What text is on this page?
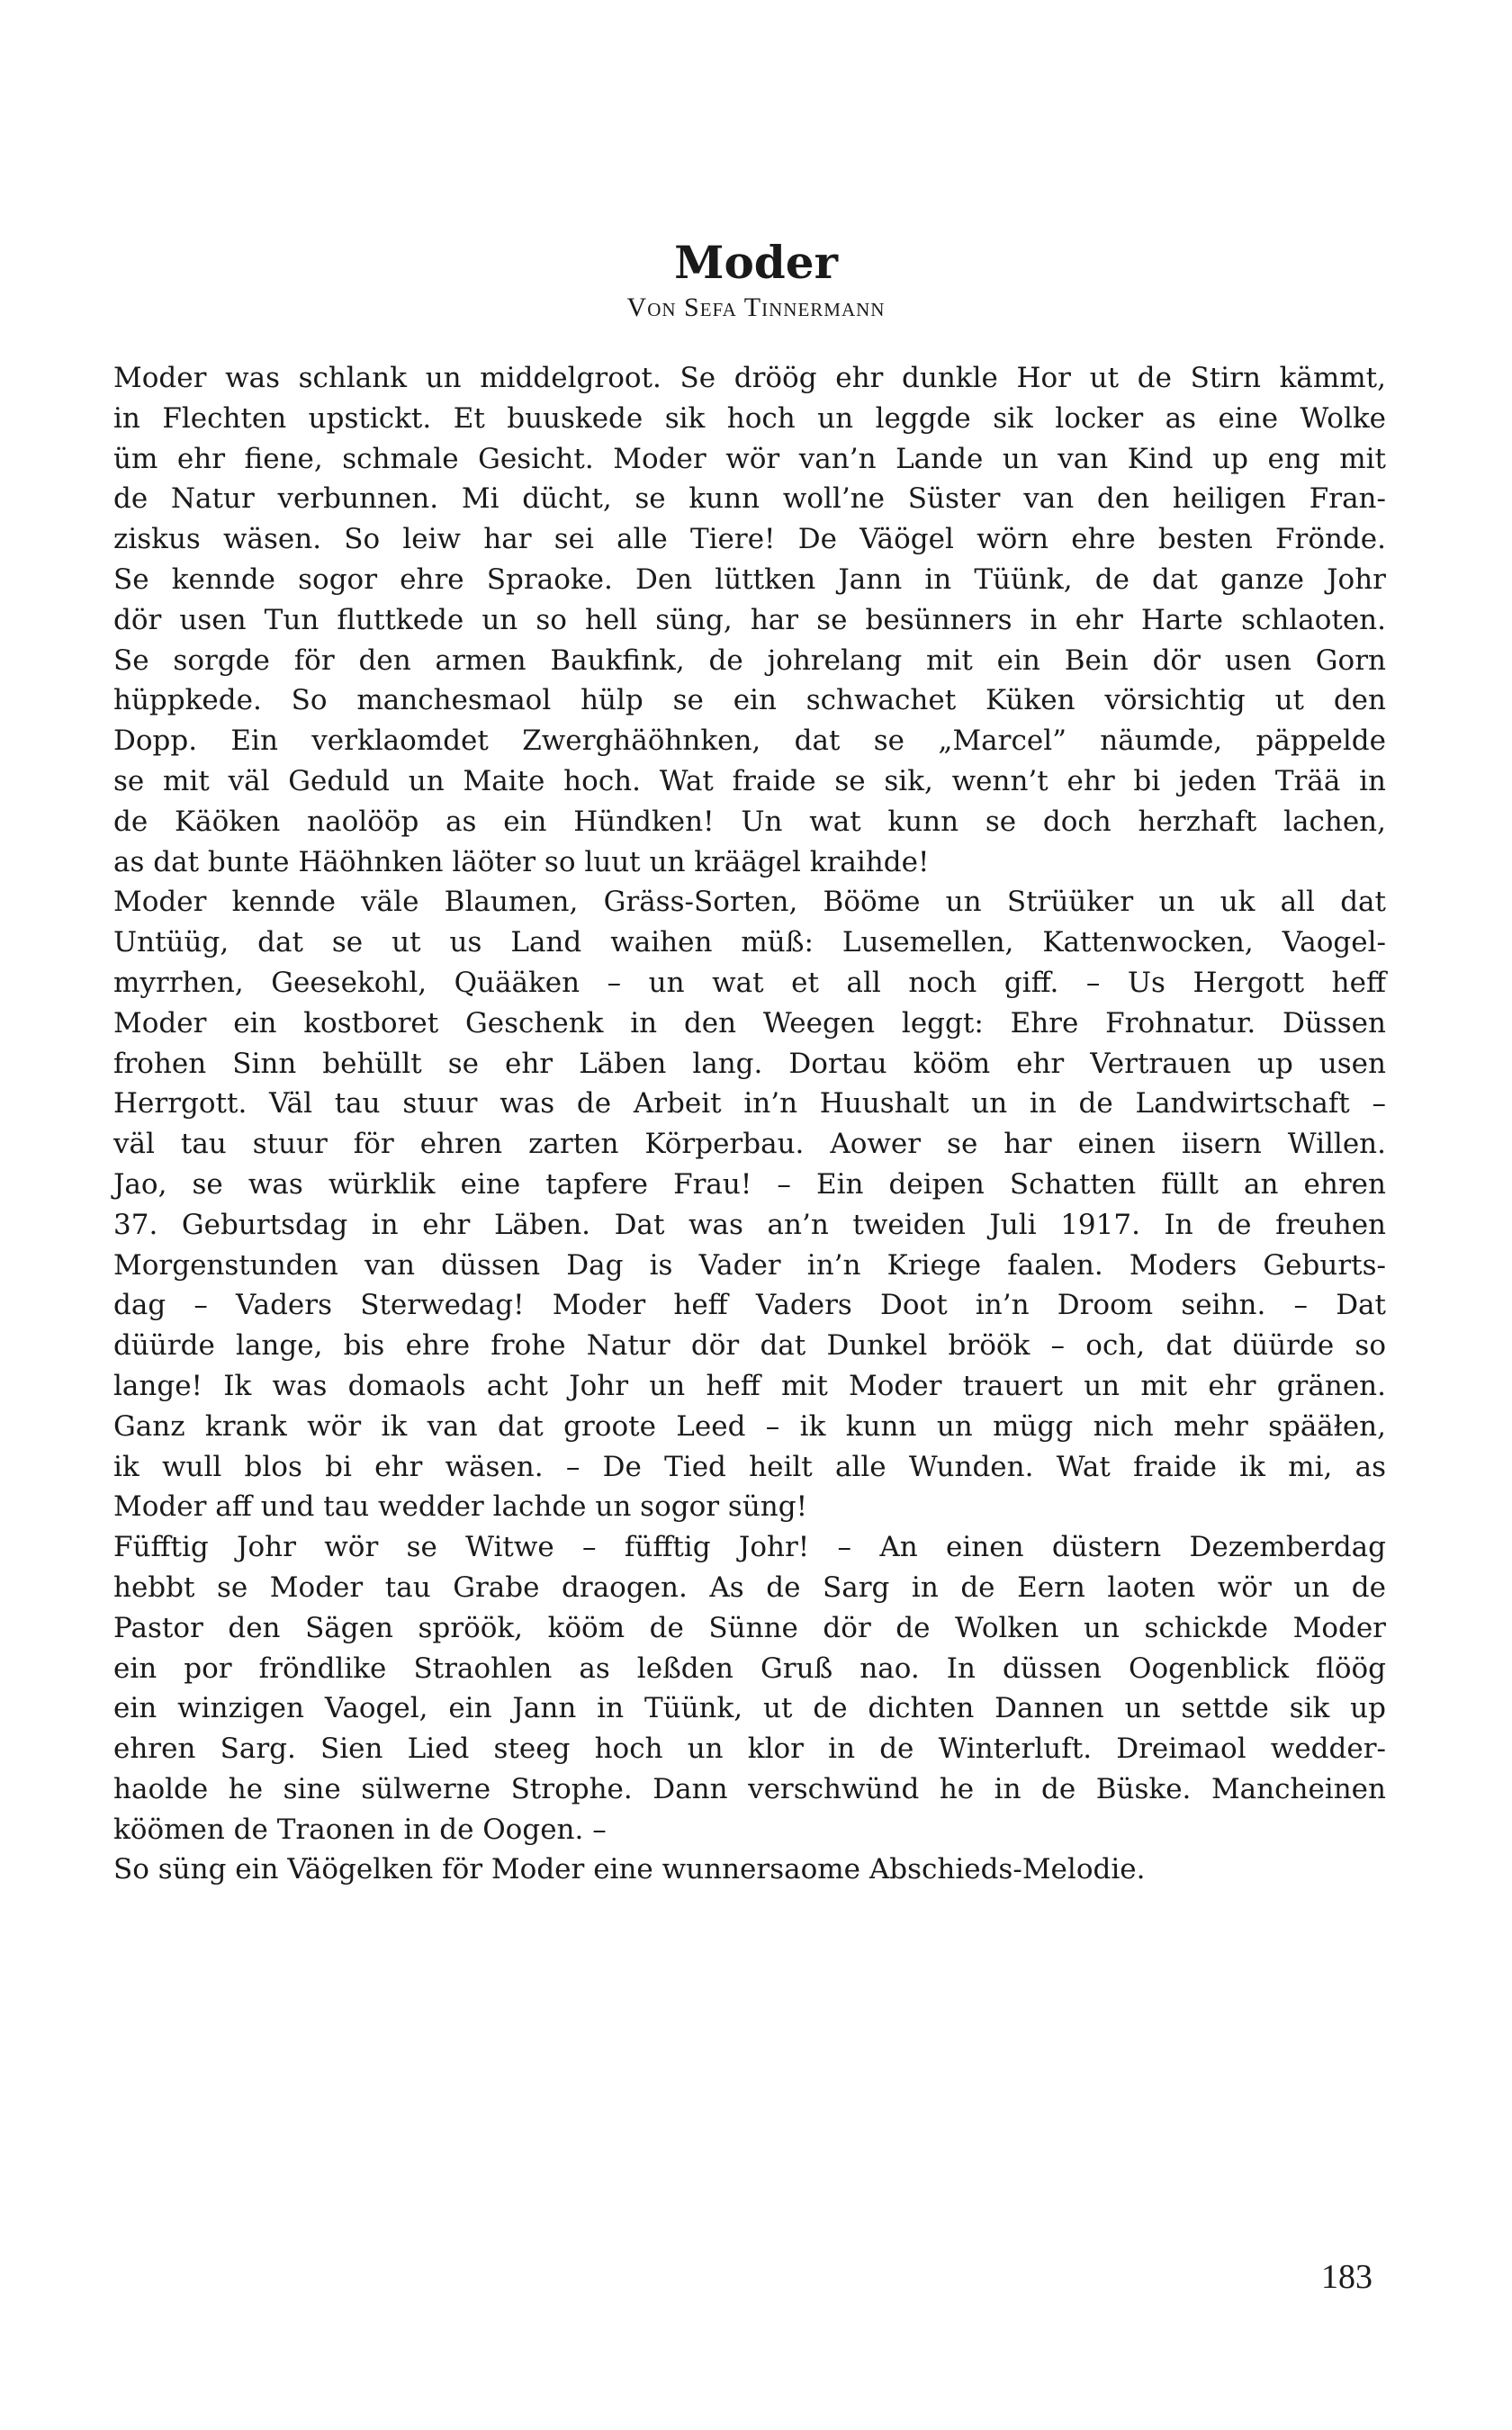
Moder
Von Sefa Tinnermann
Moder was schlank un middelgroot. Se dröög ehr dunkle Hor ut de Stirn kämmt,
in Flechten upstickt. Et buuskede sik hoch un leggde sik locker as eine Wolke
üm ehr fiene, schmale Gesicht. Moder wör van’n Lande un van Kind up eng mit
de Natur verbunnen. Mi dücht, se kunn woll’ne Süster van den heiligen Fran-
ziskus wäsen. So leiw har sei alle Tiere! De Väögel wörn ehre besten Frönde.
Se kennde sogor ehre Spraoke. Den lüttken Jann in Tüünk, de dat ganze Johr
dör usen Tun fluttkede un so hell süng, har se besünners in ehr Harte schlaoten.
Se sorgde för den armen Baukfink, de johrelang mit ein Bein dör usen Gorn
hüppkede. So manchesmaol hülp se ein schwachet Küken vörsichtig ut den
Dopp. Ein verklaomdet Zwerghäöhnken, dat se „Marcel” näumde, päppelde
se mit väl Geduld un Maite hoch. Wat fraide se sik, wenn’t ehr bi jeden Trää in
de Käöken naolööp as ein Hündken! Un wat kunn se doch herzhaft lachen,
as dat bunte Häöhnken läöter so luut un kräägel kraihde!
Moder kennde väle Blaumen, Gräss-Sorten, Bööme un Strüüker un uk all dat
Untüüg, dat se ut us Land waihen müß: Lusemellen, Kattenwocken, Vaogel-
myrrhen, Geesekohl, Quääken – un wat et all noch giff. – Us Hergott heff
Moder ein kostboret Geschenk in den Weegen leggt: Ehre Frohnatur. Düssen
frohen Sinn behüllt se ehr Läben lang. Dortau kööm ehr Vertrauen up usen
Herrgott. Väl tau stuur was de Arbeit in’n Huushalt un in de Landwirtschaft –
väl tau stuur för ehren zarten Körperbau. Aower se har einen iisern Willen.
Jao, se was würklik eine tapfere Frau! – Ein deipen Schatten füllt an ehren
37. Geburtsdag in ehr Läben. Dat was an’n tweiden Juli 1917. In de freuhen
Morgenstunden van düssen Dag is Vader in’n Kriege faalen. Moders Geburts-
dag – Vaders Sterwedag! Moder heff Vaders Doot in’n Droom seihn. – Dat
düürde lange, bis ehre frohe Natur dör dat Dunkel bröök – och, dat düürde so
lange! Ik was domaols acht Johr un heff mit Moder trauert un mit ehr gränen.
Ganz krank wör ik van dat groote Leed – ik kunn un mügg nich mehr spääłen,
ik wull blos bi ehr wäsen. – De Tied heilt alle Wunden. Wat fraide ik mi, as
Moder aff und tau wedder lachde un sogor süng!
Füfftig Johr wör se Witwe – füfftig Johr! – An einen düstern Dezemberdag
hebbt se Moder tau Grabe draogen. As de Sarg in de Eern laoten wör un de
Pastor den Sägen spröök, kööm de Sünne dör de Wolken un schickde Moder
ein por fröndlike Straohlen as leßden Gruß nao. In düssen Oogenblick flöög
ein winzigen Vaogel, ein Jann in Tüünk, ut de dichten Dannen un settde sik up
ehren Sarg. Sien Lied steeg hoch un klor in de Winterluft. Dreimaol wedder-
haolde he sine sülwerne Strophe. Dann verschwünd he in de Büske. Mancheinen
köömen de Traonen in de Oogen. –
So süng ein Väögelken för Moder eine wunnersaome Abschieds-Melodie.
183
